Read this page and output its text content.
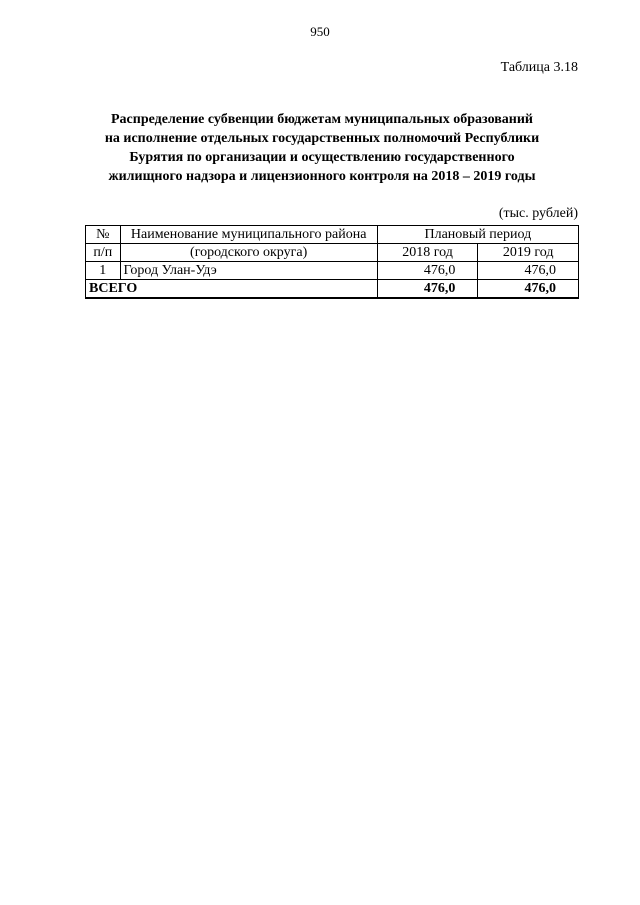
950
Таблица 3.18
Распределение субвенции бюджетам муниципальных образований
на исполнение отдельных государственных полномочий Республики
Бурятия по организации и осуществлению государственного
жилищного надзора и лицензионного контроля на 2018 – 2019 годы
(тыс. рублей)
№	Наименование муниципального района	Плановый период	
п/п	(городского округа)	2018 год	2019 год
1	Город Улан-Удэ	476,0	476,0
ВСЕГО		476,0	476,0
